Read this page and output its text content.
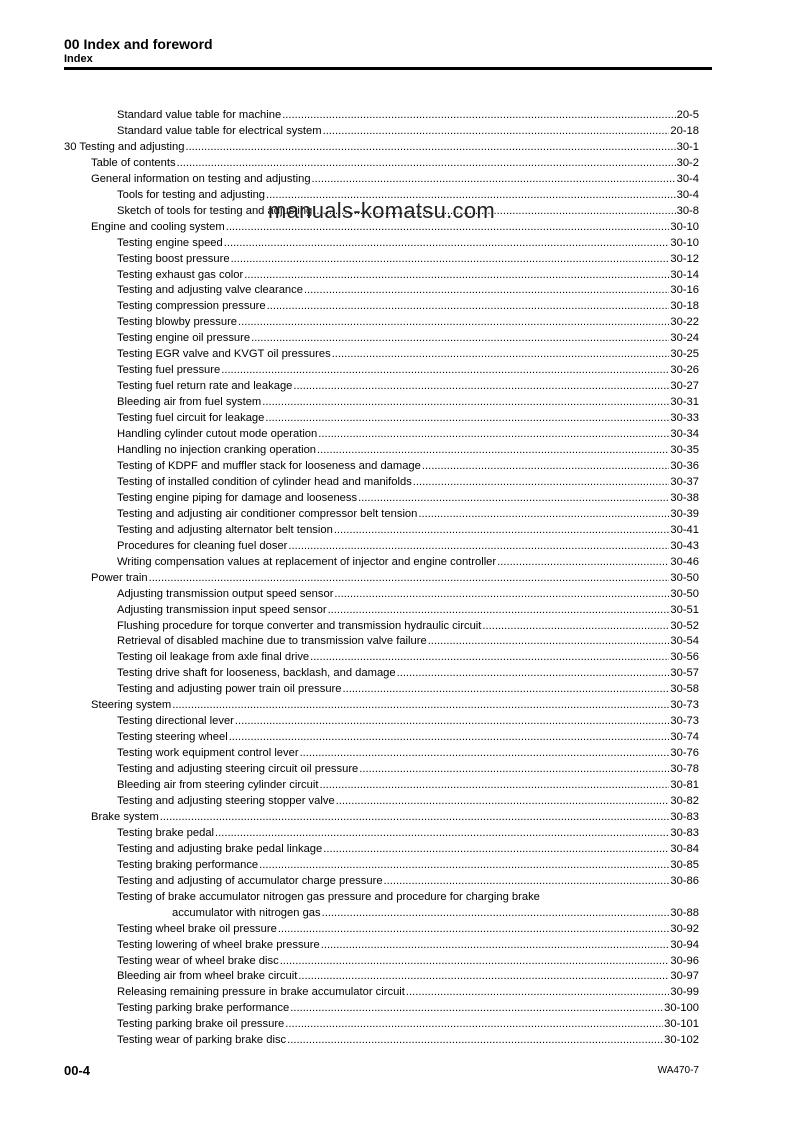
00 Index and foreword
Index
Standard value table for machine .....	20-5
Standard value table for electrical system .....	20-18
30 Testing and adjusting .....	30-1
Table of contents .....	30-2
General information on testing and adjusting .....	30-4
Tools for testing and adjusting .....	30-4
Sketch of tools for testing and adjusting .....	30-8
Engine and cooling system .....	30-10
Testing engine speed .....	30-10
Testing boost pressure .....	30-12
Testing exhaust gas color .....	30-14
Testing and adjusting valve clearance .....	30-16
Testing compression pressure .....	30-18
Testing blowby pressure .....	30-22
Testing engine oil pressure .....	30-24
Testing EGR valve and KVGT oil pressures .....	30-25
Testing fuel pressure .....	30-26
Testing fuel return rate and leakage .....	30-27
Bleeding air from fuel system .....	30-31
Testing fuel circuit for leakage .....	30-33
Handling cylinder cutout mode operation .....	30-34
Handling no injection cranking operation .....	30-35
Testing of KDPF and muffler stack for looseness and damage .....	30-36
Testing of installed condition of cylinder head and manifolds .....	30-37
Testing engine piping for damage and looseness .....	30-38
Testing and adjusting air conditioner compressor belt tension .....	30-39
Testing and adjusting alternator belt tension .....	30-41
Procedures for cleaning fuel doser .....	30-43
Writing compensation values at replacement of injector and engine controller .....	30-46
Power train .....	30-50
Adjusting transmission output speed sensor .....	30-50
Adjusting transmission input speed sensor .....	30-51
Flushing procedure for torque converter and transmission hydraulic circuit .....	30-52
Retrieval of disabled machine due to transmission valve failure .....	30-54
Testing oil leakage from axle final drive .....	30-56
Testing drive shaft for looseness, backlash, and damage .....	30-57
Testing and adjusting power train oil pressure .....	30-58
Steering system .....	30-73
Testing directional lever .....	30-73
Testing steering wheel .....	30-74
Testing work equipment control lever .....	30-76
Testing and adjusting steering circuit oil pressure .....	30-78
Bleeding air from steering cylinder circuit .....	30-81
Testing and adjusting steering stopper valve .....	30-82
Brake system .....	30-83
Testing brake pedal .....	30-83
Testing and adjusting brake pedal linkage .....	30-84
Testing braking performance .....	30-85
Testing and adjusting of accumulator charge pressure .....	30-86
Testing of brake accumulator nitrogen gas pressure and procedure for charging brake
accumulator with nitrogen gas .....	30-88
Testing wheel brake oil pressure .....	30-92
Testing lowering of wheel brake pressure .....	30-94
Testing wear of wheel brake disc .....	30-96
Bleeding air from wheel brake circuit .....	30-97
Releasing remaining pressure in brake accumulator circuit .....	30-99
Testing parking brake performance .....	30-100
Testing parking brake oil pressure .....	30-101
Testing wear of parking brake disc .....	30-102
manuals-komatsu.com
00-4	WA470-7
